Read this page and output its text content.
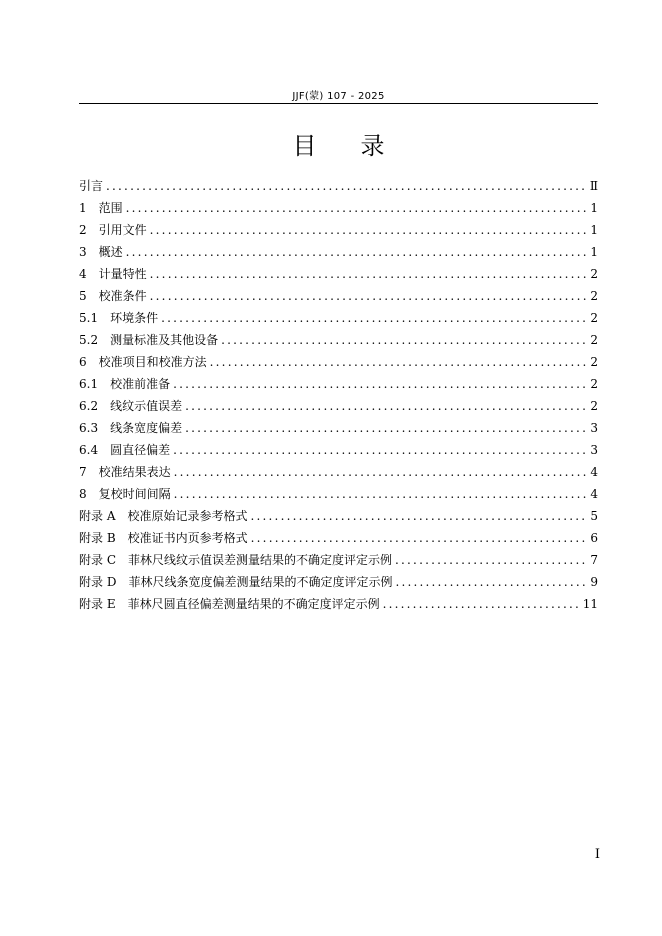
JJF(蒙) 107 - 2025
目录
引言 .....	Ⅱ
1 范围 .....	1
2 引用文件 .....	1
3 概述 .....	1
4 计量特性 .....	2
5 校准条件 .....	2
5.1 环境条件 .....	2
5.2 测量标准及其他设备 .....	2
6 校准项目和校准方法 .....	2
6.1 校准前准备 .....	2
6.2 线纹示值误差 .....	2
6.3 线条宽度偏差 .....	3
6.4 圆直径偏差 .....	3
7 校准结果表达 .....	4
8 复校时间间隔 .....	4
附录 A 校准原始记录参考格式 .....	5
附录 B 校准证书内页参考格式 .....	6
附录 C 菲林尺线纹示值误差测量结果的不确定度评定示例 .....	7
附录 D 菲林尺线条宽度偏差测量结果的不确定度评定示例 .....	9
附录 E 菲林尺圆直径偏差测量结果的不确定度评定示例 .....	11
I
